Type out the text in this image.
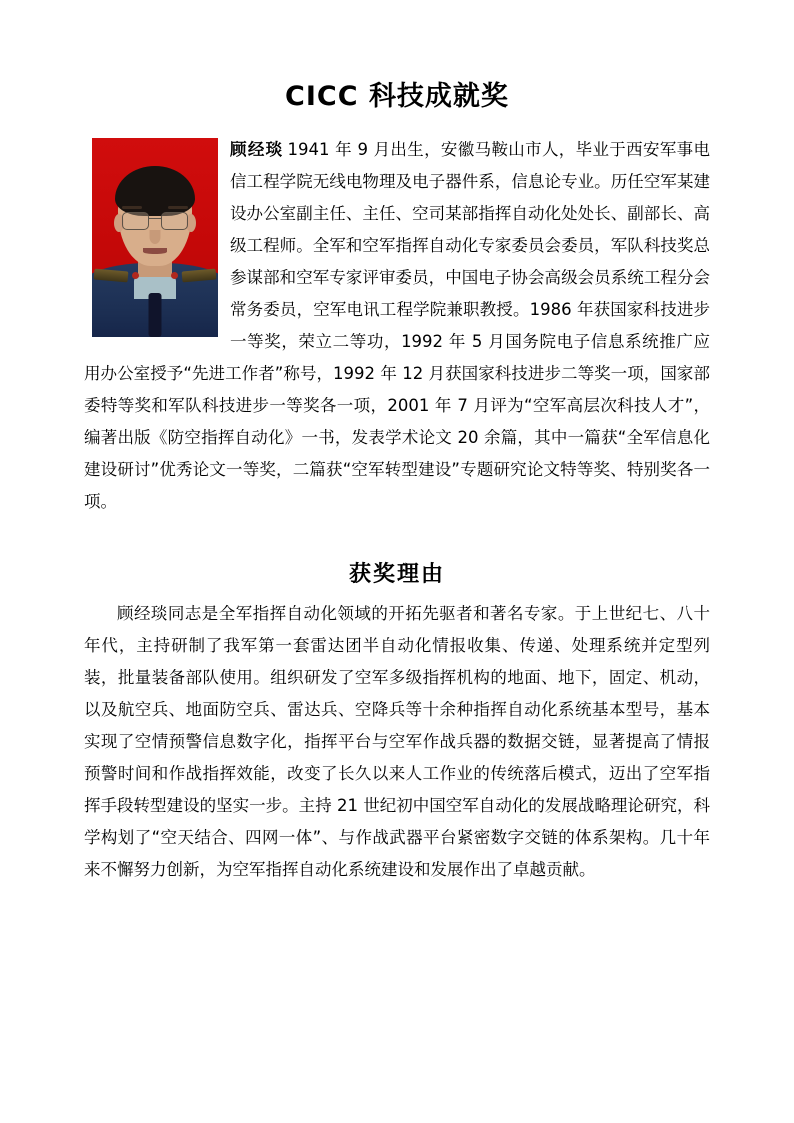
CICC 科技成就奖

顾经琰 1941 年 9 月出生，安徽马鞍山市人，毕业于西安军事电信工程学院无线电物理及电子器件系，信息论专业。历任空军某建设办公室副主任、主任、空司某部指挥自动化处处长、副部长、高级工程师。全军和空军指挥自动化专家委员会委员，军队科技奖总参谋部和空军专家评审委员，中国电子协会高级会员系统工程分会常务委员，空军电讯工程学院兼职教授。1986 年获国家科技进步一等奖，荣立二等功，1992 年 5 月国务院电子信息系统推广应用办公室授予“先进工作者”称号，1992 年 12 月获国家科技进步二等奖一项，国家部委特等奖和军队科技进步一等奖各一项，2001 年 7 月评为“空军高层次科技人才”，编著出版《防空指挥自动化》一书，发表学术论文 20 余篇，其中一篇获“全军信息化建设研讨”优秀论文一等奖，二篇获“空军转型建设”专题研究论文特等奖、特别奖各一项。

获奖理由

顾经琰同志是全军指挥自动化领域的开拓先驱者和著名专家。于上世纪七、八十年代，主持研制了我军第一套雷达团半自动化情报收集、传递、处理系统并定型列装，批量装备部队使用。组织研发了空军多级指挥机构的地面、地下，固定、机动，以及航空兵、地面防空兵、雷达兵、空降兵等十余种指挥自动化系统基本型号，基本实现了空情预警信息数字化，指挥平台与空军作战兵器的数据交链，显著提高了情报预警时间和作战指挥效能，改变了长久以来人工作业的传统落后模式，迈出了空军指挥手段转型建设的坚实一步。主持 21 世纪初中国空军自动化的发展战略理论研究，科学构划了“空天结合、四网一体”、与作战武器平台紧密数字交链的体系架构。几十年来不懈努力创新，为空军指挥自动化系统建设和发展作出了卓越贡献。
